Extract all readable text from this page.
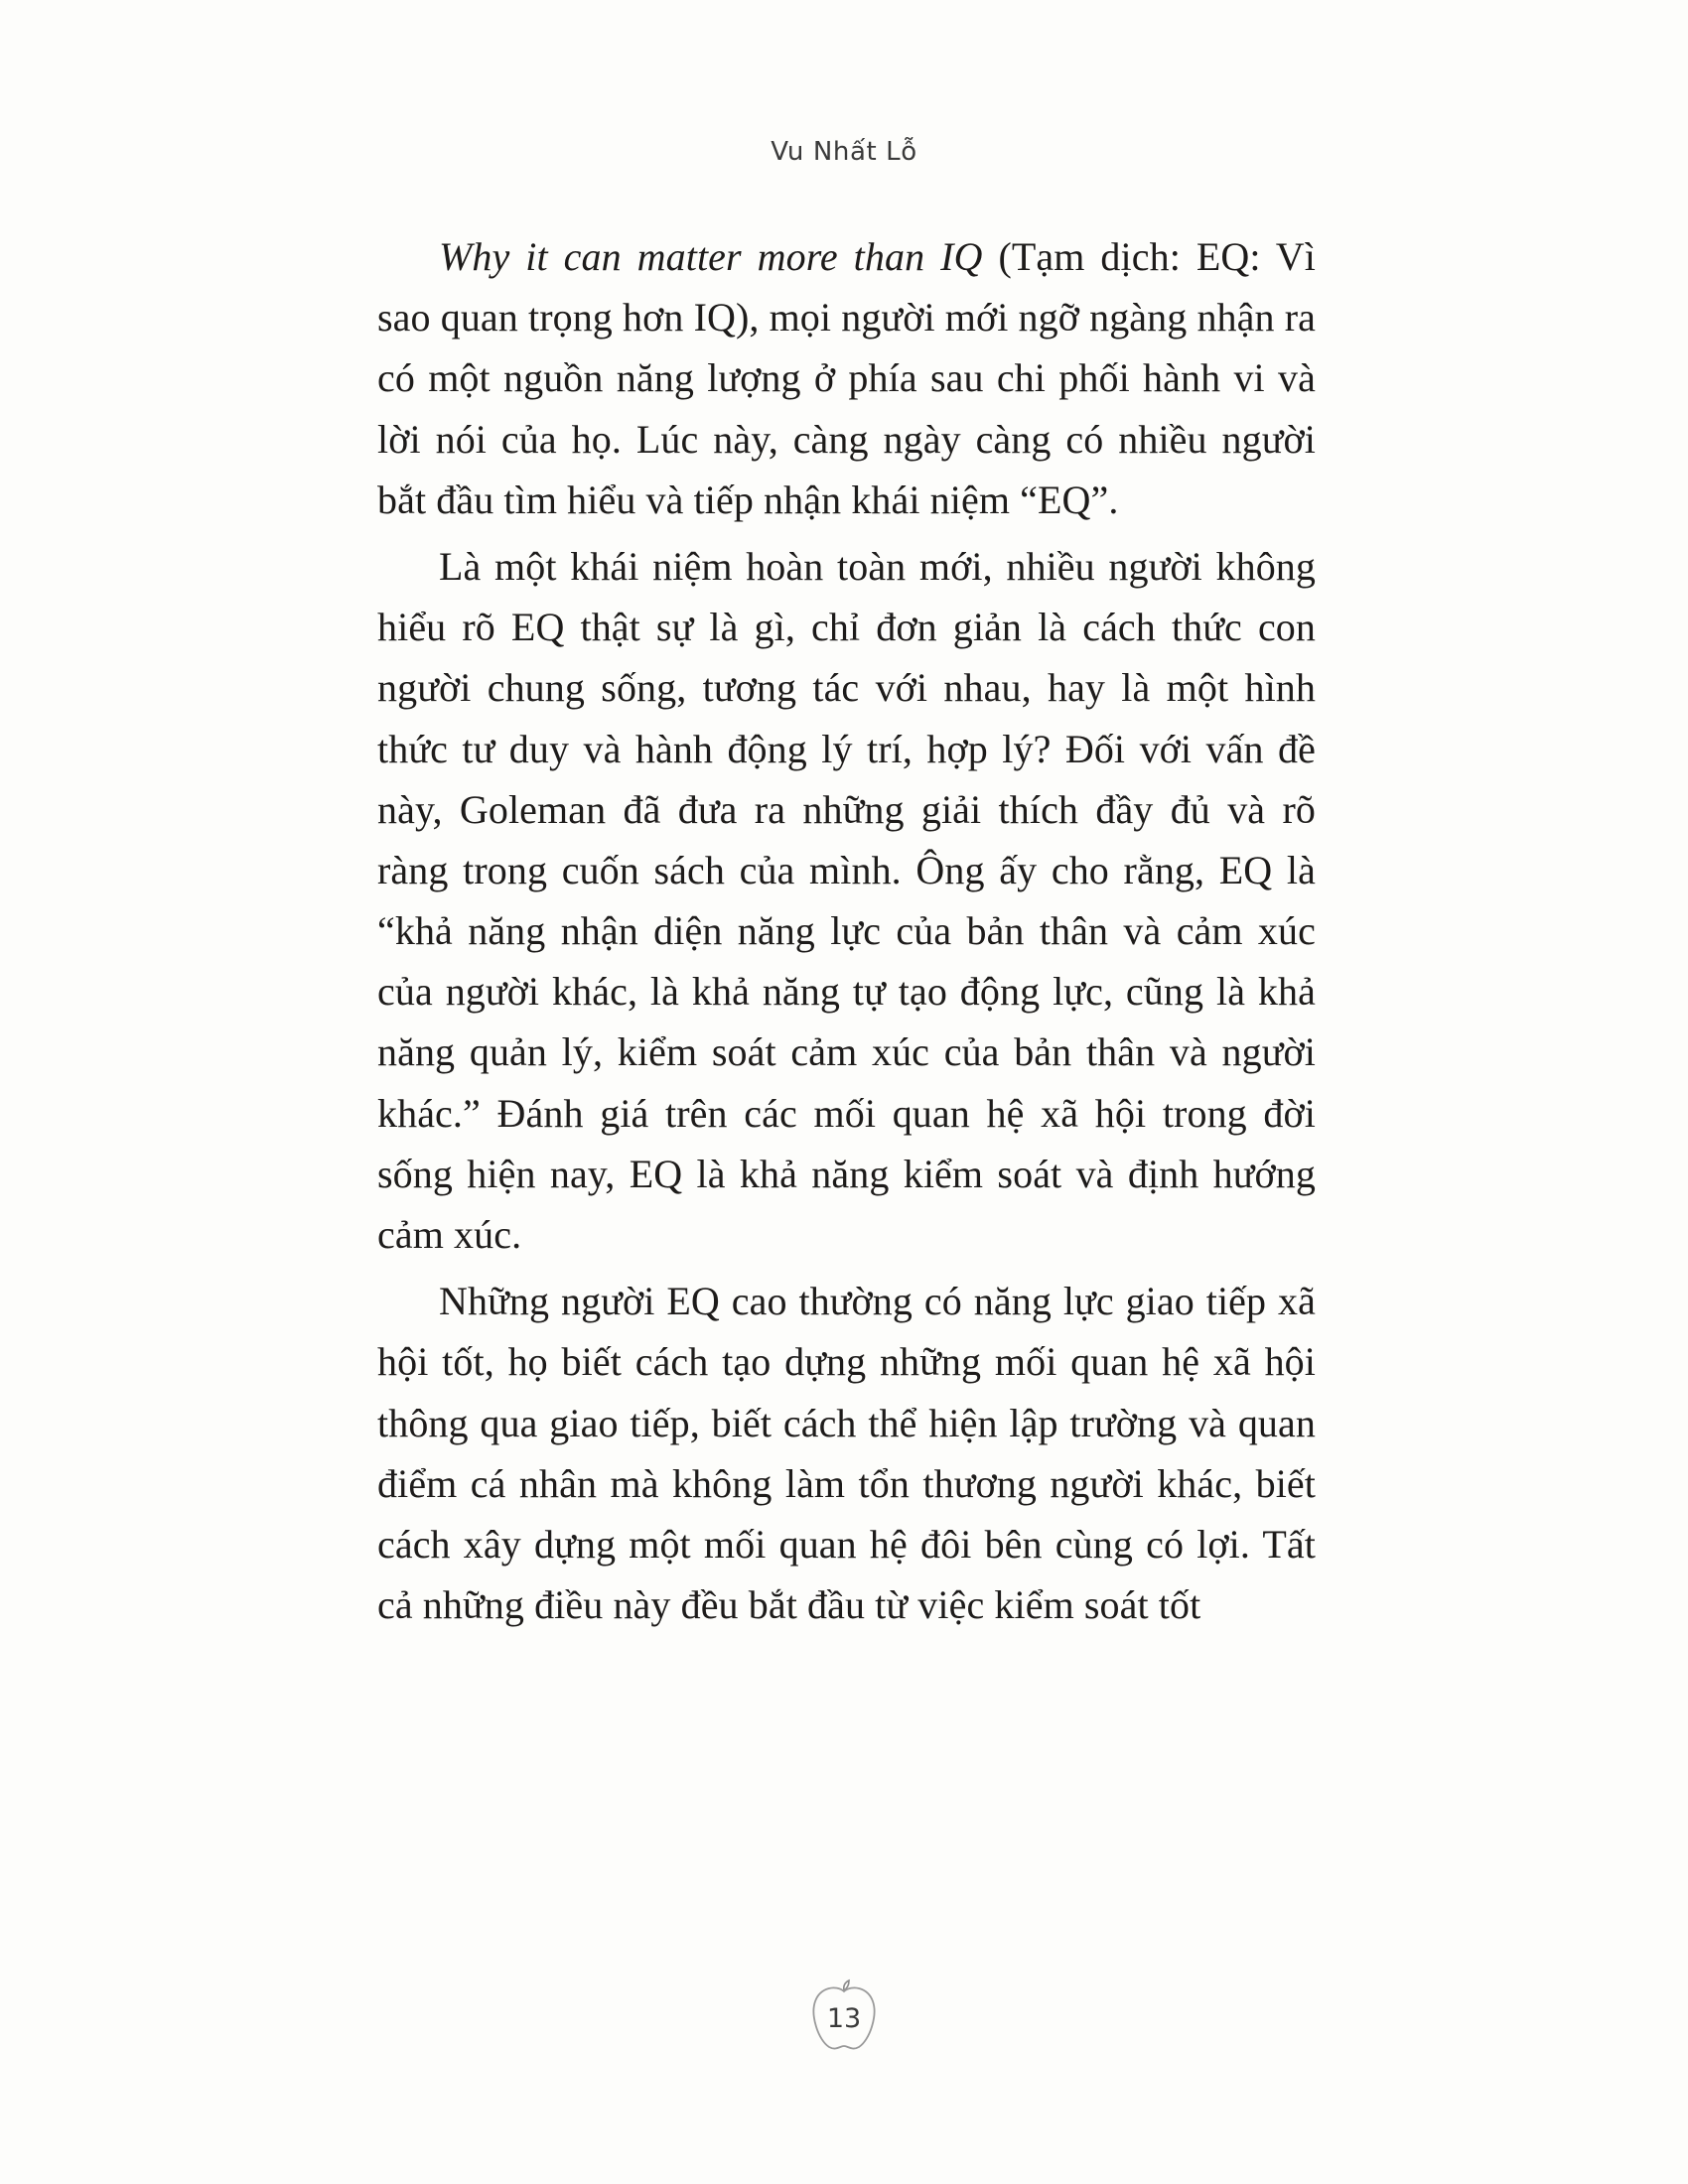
Vu Nhất Lỗ

Why it can matter more than IQ (Tạm dịch: EQ: Vì sao quan trọng hơn IQ), mọi người mới ngỡ ngàng nhận ra có một nguồn năng lượng ở phía sau chi phối hành vi và lời nói của họ. Lúc này, càng ngày càng có nhiều người bắt đầu tìm hiểu và tiếp nhận khái niệm “EQ”.

Là một khái niệm hoàn toàn mới, nhiều người không hiểu rõ EQ thật sự là gì, chỉ đơn giản là cách thức con người chung sống, tương tác với nhau, hay là một hình thức tư duy và hành động lý trí, hợp lý? Đối với vấn đề này, Goleman đã đưa ra những giải thích đầy đủ và rõ ràng trong cuốn sách của mình. Ông ấy cho rằng, EQ là “khả năng nhận diện năng lực của bản thân và cảm xúc của người khác, là khả năng tự tạo động lực, cũng là khả năng quản lý, kiểm soát cảm xúc của bản thân và người khác.” Đánh giá trên các mối quan hệ xã hội trong đời sống hiện nay, EQ là khả năng kiểm soát và định hướng cảm xúc.

Những người EQ cao thường có năng lực giao tiếp xã hội tốt, họ biết cách tạo dựng những mối quan hệ xã hội thông qua giao tiếp, biết cách thể hiện lập trường và quan điểm cá nhân mà không làm tổn thương người khác, biết cách xây dựng một mối quan hệ đôi bên cùng có lợi. Tất cả những điều này đều bắt đầu từ việc kiểm soát tốt

13
